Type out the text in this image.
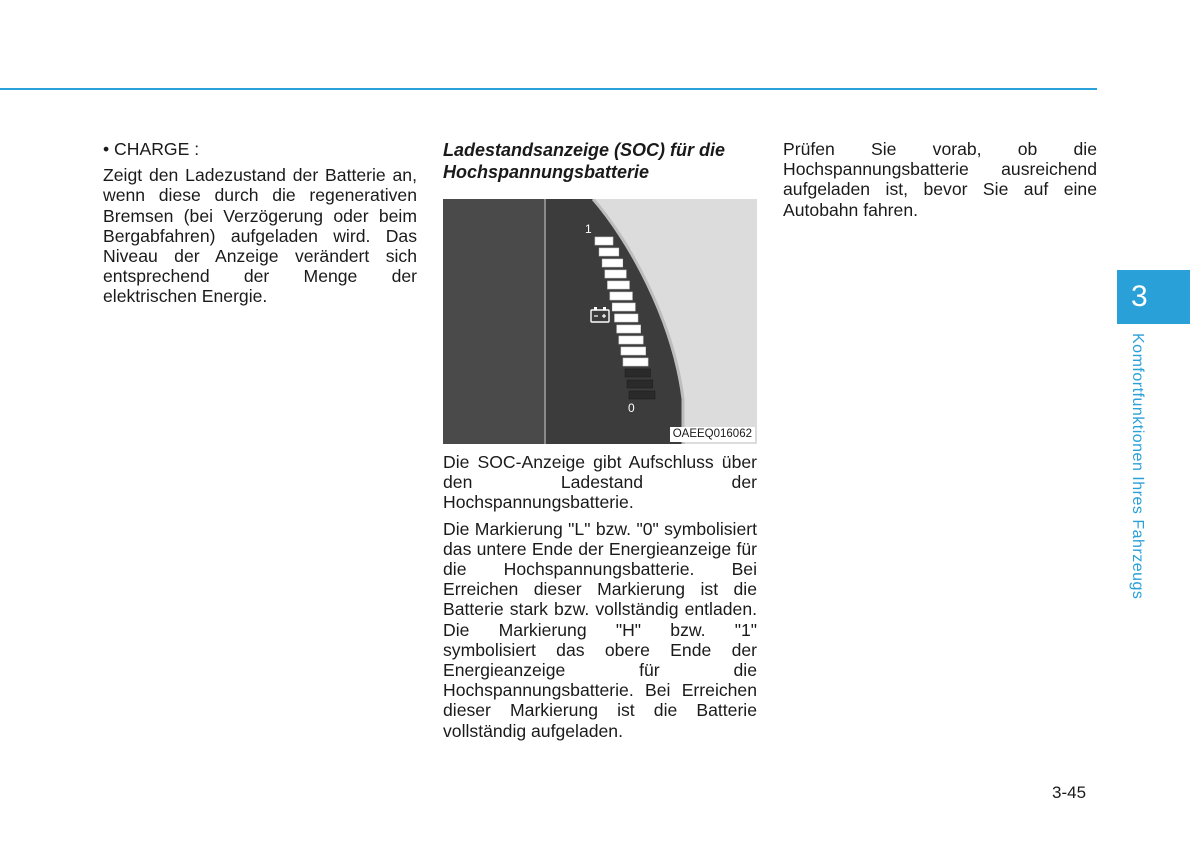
• CHARGE :

Zeigt den Ladezustand der Batterie an, wenn diese durch die regenerativen Bremsen (bei Verzögerung oder beim Bergabfahren) aufgeladen wird. Das Niveau der Anzeige verändert sich entsprechend der Menge der elektrischen Energie.

Ladestandsanzeige (SOC) für die Hochspannungsbatterie

1
0
OAEEQ016062

Die SOC-Anzeige gibt Aufschluss über den Ladestand der Hochspannungsbatterie.

Die Markierung "L" bzw. "0" symbolisiert das untere Ende der Energieanzeige für die Hochspannungsbatterie. Bei Erreichen dieser Markierung ist die Batterie stark bzw. vollständig entladen. Die Markierung "H" bzw. "1" symbolisiert das obere Ende der Energieanzeige für die Hochspannungsbatterie. Bei Erreichen dieser Markierung ist die Batterie vollständig aufgeladen.

Prüfen Sie vorab, ob die Hochspannungsbatterie ausreichend aufgeladen ist, bevor Sie auf eine Autobahn fahren.

3
Komfortfunktionen Ihres Fahrzeugs
3-45
